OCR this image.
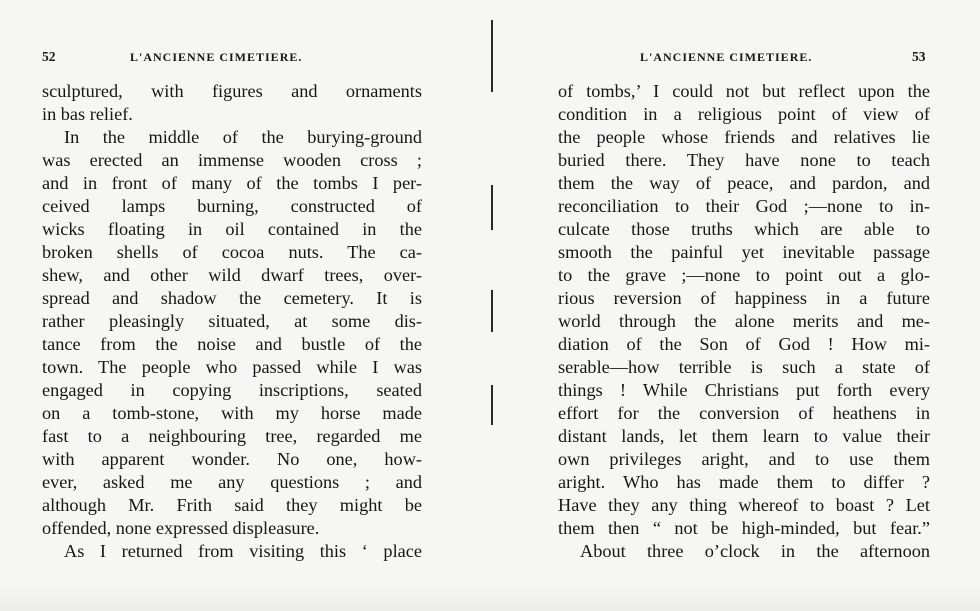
52	L'ANCIENNE CIMETIERE.
sculptured, with figures and ornaments
in bas relief.
In the middle of the burying-ground
was erected an immense wooden cross ;
and in front of many of the tombs I per-
ceived lamps burning, constructed of
wicks floating in oil contained in the
broken shells of cocoa nuts. The ca-
shew, and other wild dwarf trees, over-
spread and shadow the cemetery. It is
rather pleasingly situated, at some dis-
tance from the noise and bustle of the
town. The people who passed while I was
engaged in copying inscriptions, seated
on a tomb-stone, with my horse made
fast to a neighbouring tree, regarded me
with apparent wonder. No one, how-
ever, asked me any questions ; and
although Mr. Frith said they might be
offended, none expressed displeasure.
As I returned from visiting this ‘ place
L'ANCIENNE CIMETIERE.	53
of tombs,’ I could not but reflect upon the
condition in a religious point of view of
the people whose friends and relatives lie
buried there. They have none to teach
them the way of peace, and pardon, and
reconciliation to their God ;—none to in-
culcate those truths which are able to
smooth the painful yet inevitable passage
to the grave ;—none to point out a glo-
rious reversion of happiness in a future
world through the alone merits and me-
diation of the Son of God ! How mi-
serable—how terrible is such a state of
things ! While Christians put forth every
effort for the conversion of heathens in
distant lands, let them learn to value their
own privileges aright, and to use them
aright. Who has made them to differ ?
Have they any thing whereof to boast ? Let
them then “ not be high-minded, but fear.”
About three o’clock in the afternoon
